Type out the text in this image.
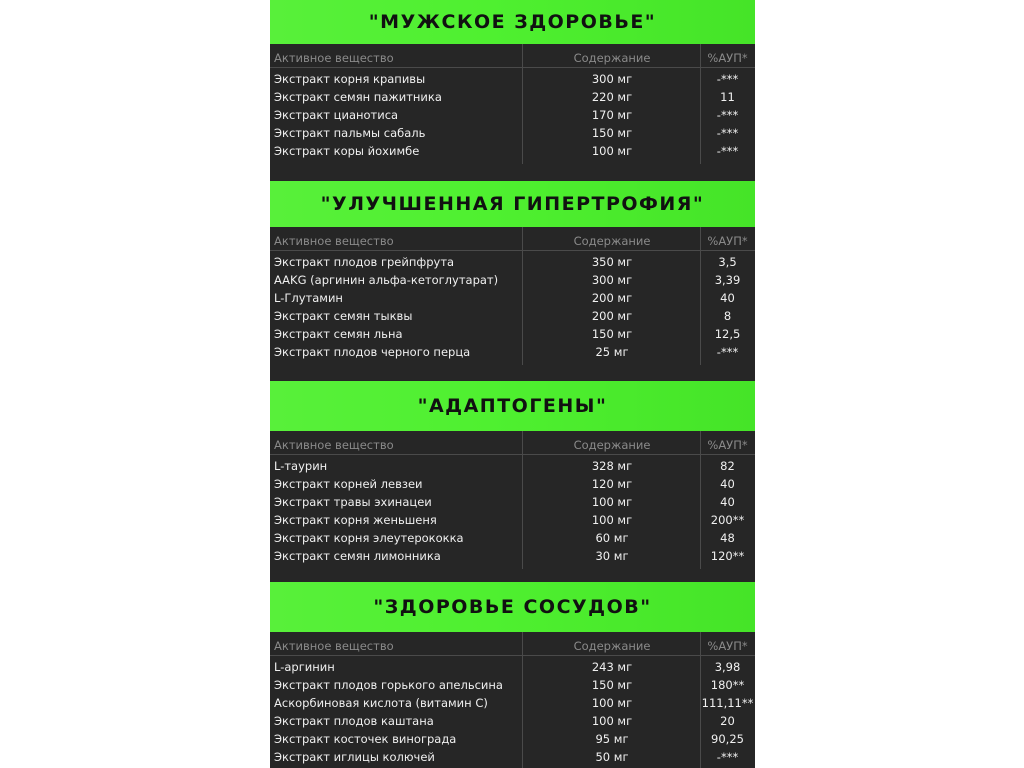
"МУЖСКОЕ ЗДОРОВЬЕ"
Активное вещество	Содержание	%АУП*
Экстракт корня крапивы	300 мг	-***
Экстракт семян пажитника	220 мг	11
Экстракт цианотиса	170 мг	-***
Экстракт пальмы сабаль	150 мг	-***
Экстракт коры йохимбе	100 мг	-***
"УЛУЧШЕННАЯ ГИПЕРТРОФИЯ"
Активное вещество	Содержание	%АУП*
Экстракт плодов грейпфрута	350 мг	3,5
AAKG (аргинин альфа-кетоглутарат)	300 мг	3,39
L-Глутамин	200 мг	40
Экстракт семян тыквы	200 мг	8
Экстракт семян льна	150 мг	12,5
Экстракт плодов черного перца	25 мг	-***
"АДАПТОГЕНЫ"
Активное вещество	Содержание	%АУП*
L-таурин	328 мг	82
Экстракт корней левзеи	120 мг	40
Экстракт травы эхинацеи	100 мг	40
Экстракт корня женьшеня	100 мг	200**
Экстракт корня элеутерококка	60 мг	48
Экстракт семян лимонника	30 мг	120**
"ЗДОРОВЬЕ СОСУДОВ"
Активное вещество	Содержание	%АУП*
L-аргинин	243 мг	3,98
Экстракт плодов горького апельсина	150 мг	180**
Аскорбиновая кислота (витамин С)	100 мг	111,11**
Экстракт плодов каштана	100 мг	20
Экстракт косточек винограда	95 мг	90,25
Экстракт иглицы колючей	50 мг	-***
